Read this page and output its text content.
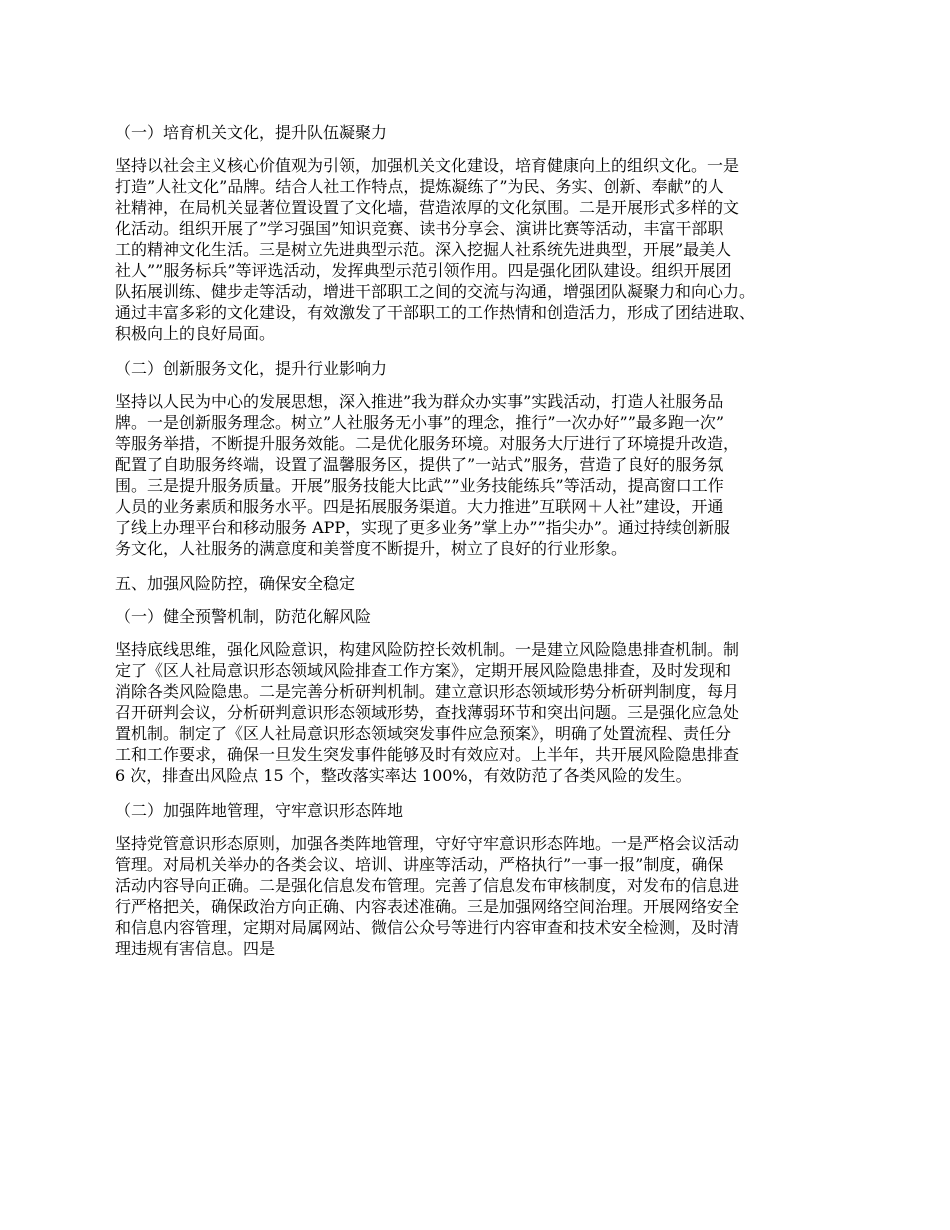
（一）培育机关文化，提升队伍凝聚力
坚持以社会主义核心价值观为引领，加强机关文化建设，培育健康向上的组织文化。一是
打造”人社文化”品牌。结合人社工作特点，提炼凝练了”为民、务实、创新、奉献”的人
社精神，在局机关显著位置设置了文化墙，营造浓厚的文化氛围。二是开展形式多样的文
化活动。组织开展了”学习强国”知识竞赛、读书分享会、演讲比赛等活动，丰富干部职
工的精神文化生活。三是树立先进典型示范。深入挖掘人社系统先进典型，开展”最美人
社人””服务标兵”等评选活动，发挥典型示范引领作用。四是强化团队建设。组织开展团
队拓展训练、健步走等活动，增进干部职工之间的交流与沟通，增强团队凝聚力和向心力。
通过丰富多彩的文化建设，有效激发了干部职工的工作热情和创造活力，形成了团结进取、
积极向上的良好局面。
（二）创新服务文化，提升行业影响力
坚持以人民为中心的发展思想，深入推进”我为群众办实事”实践活动，打造人社服务品
牌。一是创新服务理念。树立”人社服务无小事”的理念，推行”一次办好””最多跑一次”
等服务举措，不断提升服务效能。二是优化服务环境。对服务大厅进行了环境提升改造，
配置了自助服务终端，设置了温馨服务区，提供了”一站式”服务，营造了良好的服务氛
围。三是提升服务质量。开展”服务技能大比武””业务技能练兵”等活动，提高窗口工作
人员的业务素质和服务水平。四是拓展服务渠道。大力推进”互联网＋人社”建设，开通
了线上办理平台和移动服务 APP，实现了更多业务”掌上办””指尖办”。通过持续创新服
务文化，人社服务的满意度和美誉度不断提升，树立了良好的行业形象。
五、加强风险防控，确保安全稳定
（一）健全预警机制，防范化解风险
坚持底线思维，强化风险意识，构建风险防控长效机制。一是建立风险隐患排查机制。制
定了《区人社局意识形态领域风险排查工作方案》，定期开展风险隐患排查，及时发现和
消除各类风险隐患。二是完善分析研判机制。建立意识形态领域形势分析研判制度，每月
召开研判会议，分析研判意识形态领域形势，查找薄弱环节和突出问题。三是强化应急处
置机制。制定了《区人社局意识形态领域突发事件应急预案》，明确了处置流程、责任分
工和工作要求，确保一旦发生突发事件能够及时有效应对。上半年，共开展风险隐患排查
6 次，排查出风险点 15 个，整改落实率达 100%，有效防范了各类风险的发生。
（二）加强阵地管理，守牢意识形态阵地
坚持党管意识形态原则，加强各类阵地管理，守好守牢意识形态阵地。一是严格会议活动
管理。对局机关举办的各类会议、培训、讲座等活动，严格执行”一事一报”制度，确保
活动内容导向正确。二是强化信息发布管理。完善了信息发布审核制度，对发布的信息进
行严格把关，确保政治方向正确、内容表述准确。三是加强网络空间治理。开展网络安全
和信息内容管理，定期对局属网站、微信公众号等进行内容审查和技术安全检测，及时清
理违规有害信息。四是
